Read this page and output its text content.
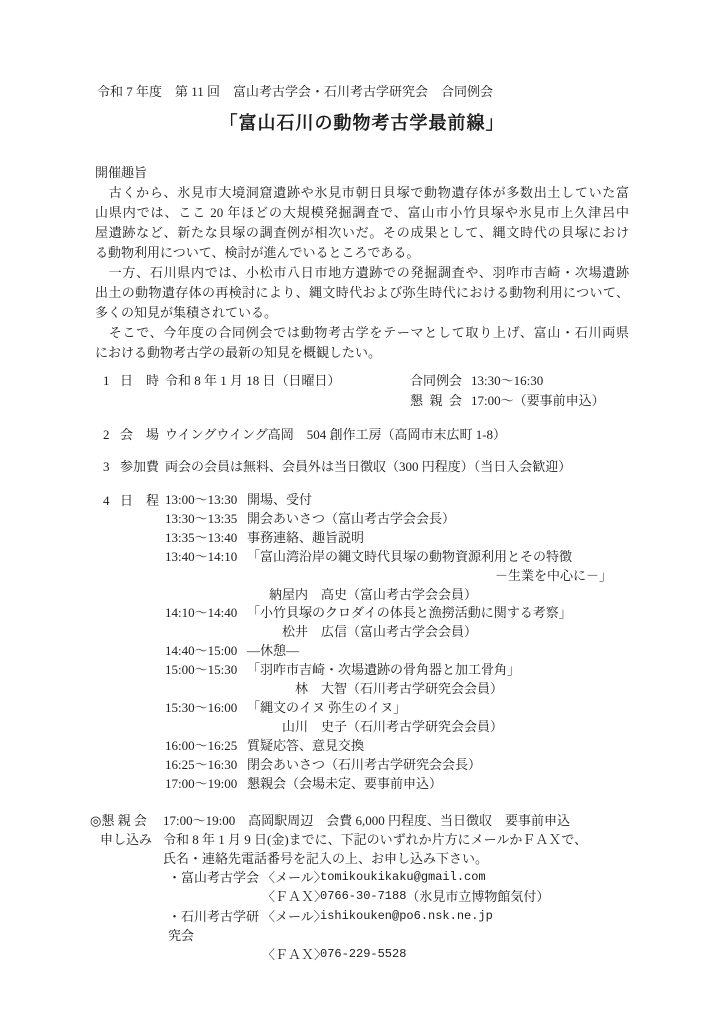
令和 7 年度　第 11 回　富山考古学会・石川考古学研究会　合同例会
「富山石川の動物考古学最前線」
開催趣旨
　古くから、氷見市大境洞窟遺跡や氷見市朝日貝塚で動物遺存体が多数出土していた富
山県内では、ここ 20 年ほどの大規模発掘調査で、富山市小竹貝塚や氷見市上久津呂中
屋遺跡など、新たな貝塚の調査例が相次いだ。その成果として、縄文時代の貝塚におけ
る動物利用について、検討が進んでいるところである。
　一方、石川県内では、小松市八日市地方遺跡での発掘調査や、羽咋市吉崎・次場遺跡
出土の動物遺存体の再検討により、縄文時代および弥生時代における動物利用について、
多くの知見が集積されている。
　そこで、今年度の合同例会では動物考古学をテーマとして取り上げ、富山・石川両県
における動物考古学の最新の知見を概観したい。
1 日　時 令和 8 年 1 月 18 日（日曜日）	合同例会 13:30～16:30
懇 親 会 17:00～（要事前申込）
2 会　場 ウイングウイング高岡　504 創作工房（高岡市末広町 1-8）
3 参加費 両会の会員は無料、会員外は当日徴収（300 円程度）（当日入会歓迎）
4 日　程 13:00～13:30 開場、受付
13:30～13:35 開会あいさつ（富山考古学会会長）
13:35～13:40 事務連絡、趣旨説明
13:40～14:10 「富山湾沿岸の縄文時代貝塚の動物資源利用とその特徴
－生業を中心に－」
納屋内　高史（富山考古学会会員）
14:10～14:40 「小竹貝塚のクロダイの体長と漁撈活動に関する考察」
松井　広信（富山考古学会会員）
14:40～15:00 ―休憩―
15:00～15:30 「羽咋市吉崎・次場遺跡の骨角器と加工骨角」
林　大智（石川考古学研究会会員）
15:30～16:00 「縄文のイヌ 弥生のイヌ」
山川　史子（石川考古学研究会会員）
16:00～16:25 質疑応答、意見交換
16:25～16:30 閉会あいさつ（石川考古学研究会会長）
17:00～19:00 懇親会（会場未定、要事前申込）
◎懇 親 会	17:00～19:00　高岡駅周辺　会費 6,000 円程度、当日徴収　要事前申込
申し込み 令和 8 年 1 月 9 日(金)までに、下記のいずれか片方にメールかＦＡＸで、
氏名・連絡先電話番号を記入の上、お申し込み下さい。
・富山考古学会 〈メール〉
tomikoukikaku@gmail.com
〈ＦＡＸ〉
0766-30-7188 （氷見市立博物館気付）
・石川考古学研究会
〈メール〉
ishikouken@po6.nsk.ne.jp
〈ＦＡＸ〉
076-229-5528
